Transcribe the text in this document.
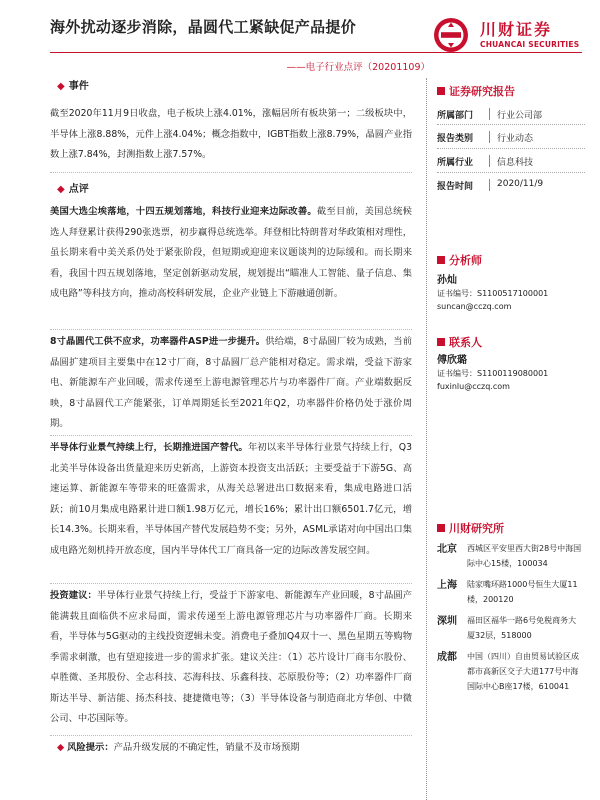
海外扰动逐步消除，晶圆代工紧缺促产品提价
——电子行业点评（20201109）
川财证券
CHUANCAI SECURITIES
◆ 事件
截至2020年11月9日收盘，电子板块上涨4.01%，涨幅居所有板块第一；二级板块中，半导体上涨8.88%，元件上涨4.04%；概念指数中，IGBT指数上涨8.79%，晶圆产业指数上涨7.84%，封测指数上涨7.57%。
◆ 点评
美国大选尘埃落地，十四五规划落地，科技行业迎来边际改善。截至目前，美国总统候选人拜登累计获得290张选票，初步赢得总统选举。拜登相比特朗普对华政策相对理性，虽长期来看中美关系仍处于紧张阶段，但短期或迎迎来议题谈判的边际缓和。而长期来看，我国十四五规划落地，坚定创新驱动发展，规划提出“瞄准人工智能、量子信息、集成电路”等科技方向，推动高校科研发展，企业产业链上下游融通创新。
8寸晶圆代工供不应求，功率器件ASP进一步提升。供给端，8寸晶圆厂较为成熟，当前晶圆扩建项目主要集中在12寸厂商，8寸晶圆厂总产能相对稳定。需求端，受益下游家电、新能源车产业回暖，需求传递至上游电源管理芯片与功率器件厂商。产业端数据反映，8寸晶圆代工产能紧张，订单周期延长至2021年Q2，功率器件价格仍处于涨价周期。
半导体行业景气持续上行，长期推进国产替代。年初以来半导体行业景气持续上行，Q3北美半导体设备出货量迎来历史新高，上游资本投资支出活跃；主要受益于下游5G、高速运算、新能源车等带来的旺盛需求，从海关总署进出口数据来看，集成电路进口活跃；前10月集成电路累计进口额1.98万亿元，增长16%；累计出口额6501.7亿元，增长14.3%。长期来看，半导体国产替代发展趋势不变；另外，ASML承诺对向中国出口集成电路光刻机持开放态度，国内半导体代工厂商具备一定的边际改善发展空间。
投资建议：半导体行业景气持续上行，受益于下游家电、新能源车产业回暖，8寸晶圆产能满载且面临供不应求局面，需求传递至上游电源管理芯片与功率器件厂商。长期来看，半导体与5G驱动的主线投资逻辑未变。消费电子叠加Q4双十一、黑色星期五等购物季需求刺激，也有望迎接进一步的需求扩张。建议关注：（1）芯片设计厂商韦尔股份、卓胜微、圣邦股份、全志科技、芯海科技、乐鑫科技、芯原股份等；（2）功率器件厂商斯达半导、新洁能、扬杰科技、捷捷微电等；（3）半导体设备与制造商北方华创、中微公司、中芯国际等。
◆ 风险提示：产品升级发展的不确定性，销量不及市场预期
证券研究报告
所属部门	行业公司部
报告类别	行业动态
所属行业	信息科技
报告时间	2020/11/9
分析师
孙灿
证书编号：S1100517100001
suncan@cczq.com
联系人
傅欣璐
证书编号：S1100119080001
fuxinlu@cczq.com
川财研究所
北京 西城区平安里西大街28号中海国际中心15楼，100034
上海 陆家嘴环路1000号恒生大厦11楼，200120
深圳 福田区福华一路6号免税商务大厦32层，518000
成都 中国（四川）自由贸易试验区成都市高新区交子大道177号中海国际中心B座17楼，610041
